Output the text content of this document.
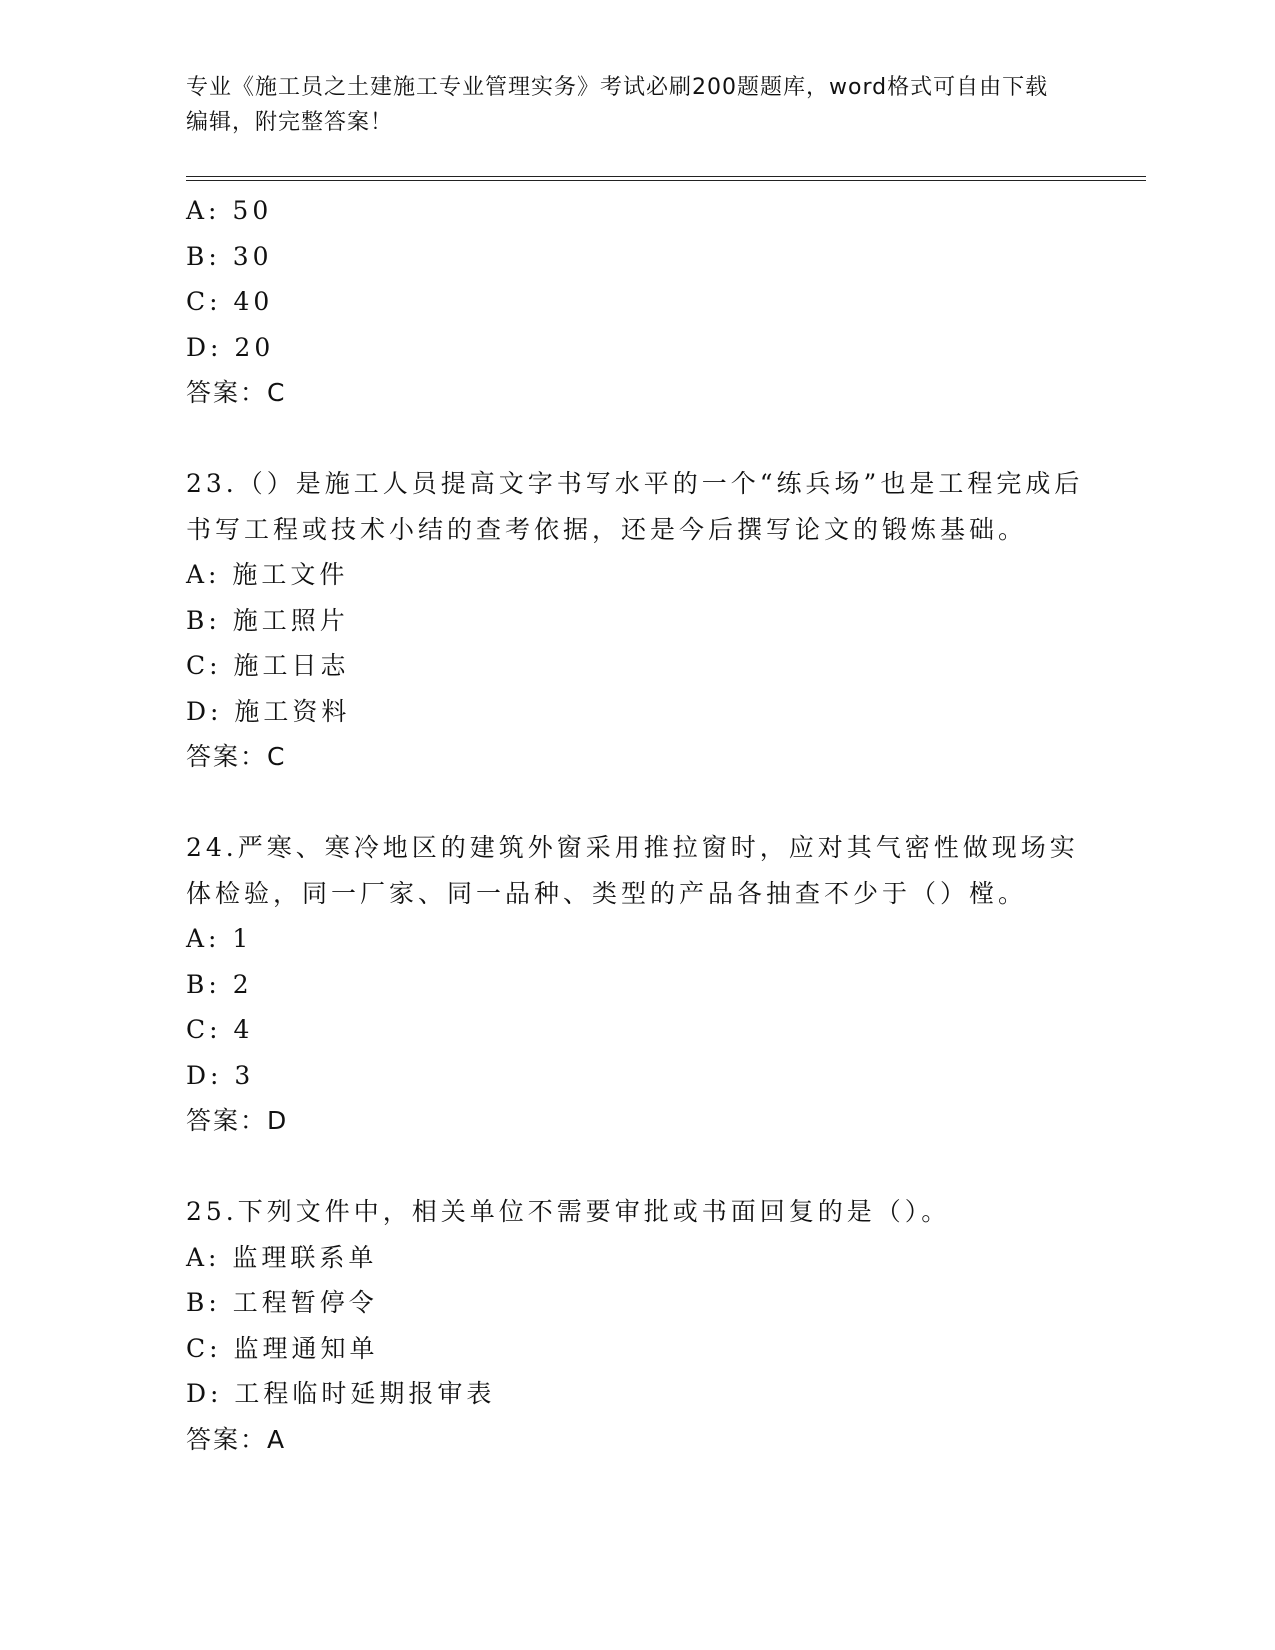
专业《施工员之土建施工专业管理实务》考试必刷200题题库，word格式可自由下载编辑，附完整答案！

A: 50

B: 30

C: 40

D: 20

答案：C

23.（）是施工人员提高文字书写水平的一个“练兵场”也是工程完成后书写工程或技术小结的查考依据，还是今后撰写论文的锻炼基础。

A: 施工文件

B: 施工照片

C: 施工日志

D: 施工资料

答案：C

24.严寒、寒冷地区的建筑外窗采用推拉窗时，应对其气密性做现场实体检验，同一厂家、同一品种、类型的产品各抽查不少于（）樘。

A: 1

B: 2

C: 4

D: 3

答案：D

25.下列文件中，相关单位不需要审批或书面回复的是（）。

A: 监理联系单

B: 工程暂停令

C: 监理通知单

D: 工程临时延期报审表

答案：A
